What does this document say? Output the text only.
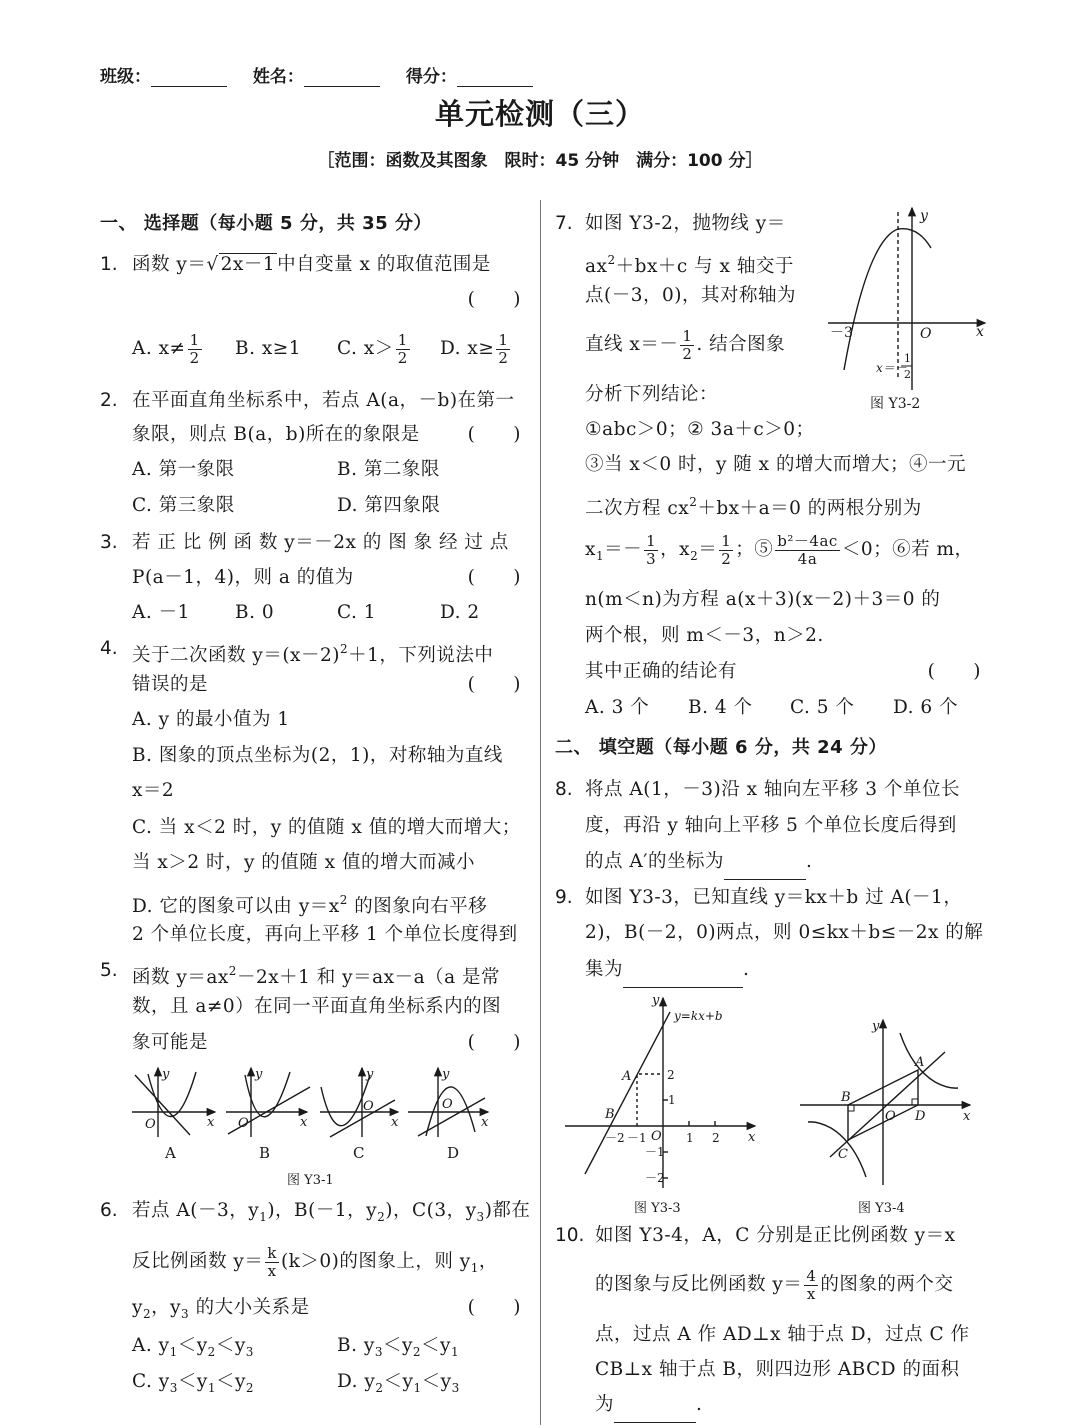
班级：	姓名：	得分：
单元检测（三）
［范围：函数及其图象　限时：45 分钟　满分：100 分］
一、 选择题（每小题 5 分，共 35 分）
1. 函数 y＝√ 2x－1 中自变量 x 的取值范围是
(　　)
A. $x\ne \frac{1}{2} B$. x≥1 C. $x> \frac{1}{2} D$. $x\ge \frac{1}{2}$
2. 在平面直角坐标系中，若点 A(a，－b)在第一
象限，则点 B(a，b)所在的象限是	(　　)
A. 第一象限	B. 第二象限
C. 第三象限	D. 第四象限
3. 若 正 比 例 函 数 y＝－2x 的 图 象 经 过 点
P(a－1，4)，则 a 的值为	(　　)
A. －1 B. 0	C. 1	D. 2
4. 关于二次函数 $y=(x-2)^2+1$，下列说法中
错误的是	(　　)
A. y 的最小值为 1
B. 图象的顶点坐标为(2，1)，对称轴为直线
x＝2
C. 当 x＜2 时，y 的值随 x 值的增大而增大；
当 x＞2 时，y 的值随 x 值的增大而减小
D. 它的图象可以由 $y=x^2$ 的图象向右平移
2 个单位长度，再向上平移 1 个单位长度得到
5. 函数 $y=ax^2-2x+1$ 和 y＝ax－a（a 是常
数，且 a≠0）在同一平面直角坐标系内的图
象可能是	(　　)
6. 若点 A(－3，$y_1$)，B(－1，$y_2$)，C(3，$y_3$)都在
反比例函数 $y= \frac{k}{x} (k>0)$的图象上，则 $y_1$，
$y_2$，$y_3$ 的大小关系是	(　　)
A. $y_1<y_2<y_3$	B. $y_3<y_2<y_1$
C. $y_3<y_1<y_2$	D. $y_2<y_1<y_3$
7. 如图 Y3-2，抛物线 y＝
$ax^2+bx+c$ 与 x 轴交于
点(－3，0)，其对称轴为
直线 $x=- \frac{1}{2}$ . 结合图象
分析下列结论：
①abc＞0；② 3a＋c＞0；
③当 x＜0 时，y 随 x 的增大而增大；④一元
二次方程 $cx^2+bx+a=0$ 的两根分别为
$x_1=- \frac{1}{3}$ ，$x_2= \frac{1}{2}$ ；⑤ $\frac{\text{b²－4ac}}{4a} <0$；⑥若 m，
n(m＜n)为方程 a(x＋3)(x－2)＋3＝0 的
两个根，则 m＜－3，n＞2.
其中正确的结论有	(　　)
A. 3 个 B. 4 个 C. 5 个 D. 6 个
二、 填空题（每小题 6 分，共 24 分）
8. 将点 A(1，－3)沿 x 轴向左平移 3 个单位长
度，再沿 y 轴向上平移 5 个单位长度后得到
的点 A′的坐标为	.
9. 如图 Y3-3，已知直线 y＝kx＋b 过 A(－1，
2)，B(－2，0)两点，则 0≤kx＋b≤－2x 的解
集为	.
10. 如图 Y3-4，A，C 分别是正比例函数 y＝x
的图象与反比例函数 $y= \frac{4}{x}$ 的图象的两个交
点，过点 A 作 AD⊥x 轴于点 D，过点 C 作
CB⊥x 轴于点 B，则四边形 ABCD 的面积
为	.
－3	O	x
y
x＝－
1
2
图 Y3-2
O	x
y
A
O	x
y
B
O
x
y
C
O
x
y
D
图 Y3-1
y=kx+b
y
x
O
A
B
－2 －1	1 2
2
1
－1
－2
图 Y3-3
y
x
O
A
B
C
D
图 Y3-4
